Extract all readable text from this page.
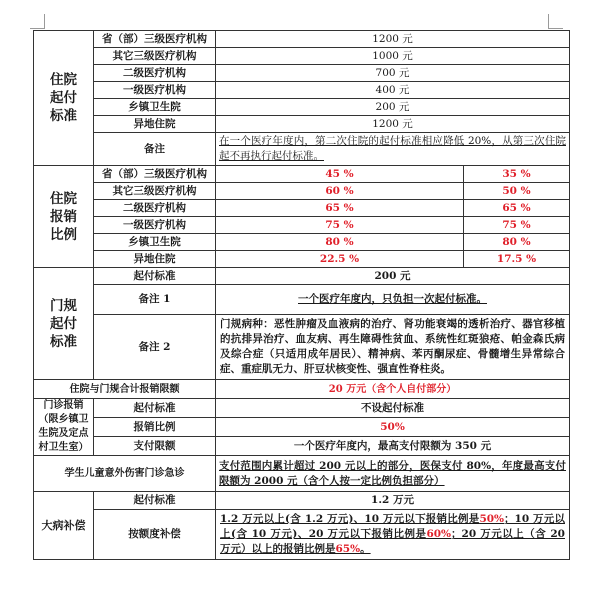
住院
起付
标准	省（部）三级医疗机构	1200 元	
	其它三级医疗机构	1000 元	
	二级医疗机构	700 元	
	一级医疗机构	400 元	
	乡镇卫生院	200 元	
	异地住院	1200 元	
	备注	在一个医疗年度内，第二次住院的起付标准相应降低 20%，从第三次住院起不再执行起付标准。	
住院
报销
比例	省（部）三级医疗机构	45 %	35 %
	其它三级医疗机构	60 %	50 %
	二级医疗机构	65 %	65 %
	一级医疗机构	75 %	75 %
	乡镇卫生院	80 %	80 %
	异地住院	22.5 %	17.5 %
门规
起付
标准	起付标准	200 元	
	备注 1	一个医疗年度内，只负担一次起付标准。	
	备注 2	门规病种：恶性肿瘤及血液病的治疗、肾功能衰竭的透析治疗、器官移植的抗排异治疗、血友病、再生障碍性贫血、系统性红斑狼疮、帕金森氏病及综合症（只适用成年居民）、精神病、苯丙酮尿症、骨髓增生异常综合症、重症肌无力、肝豆状核变性、强直性脊柱炎。	
住院与门规合计报销限额		20 万元（含个人自付部分）	
门诊报销
（限乡镇卫
生院及定点
村卫生室）	起付标准	不设起付标准	
	报销比例	50%	
	支付限额	一个医疗年度内，最高支付限额为 350 元	
学生儿童意外伤害门诊急诊		支付范围内累计超过 200 元以上的部分，医保支付 80%，年度最高支付限额为 2000 元（含个人按一定比例负担部分）	
大病补偿	起付标准	1.2 万元	
	按额度补偿	1.2 万元以上(含 1.2 万元)、10 万元以下报销比例是50%；10 万元以上(含 10 万元)、20 万元以下报销比例是60%；20 万元以上（含 20 万元）以上的报销比例是65%。	
